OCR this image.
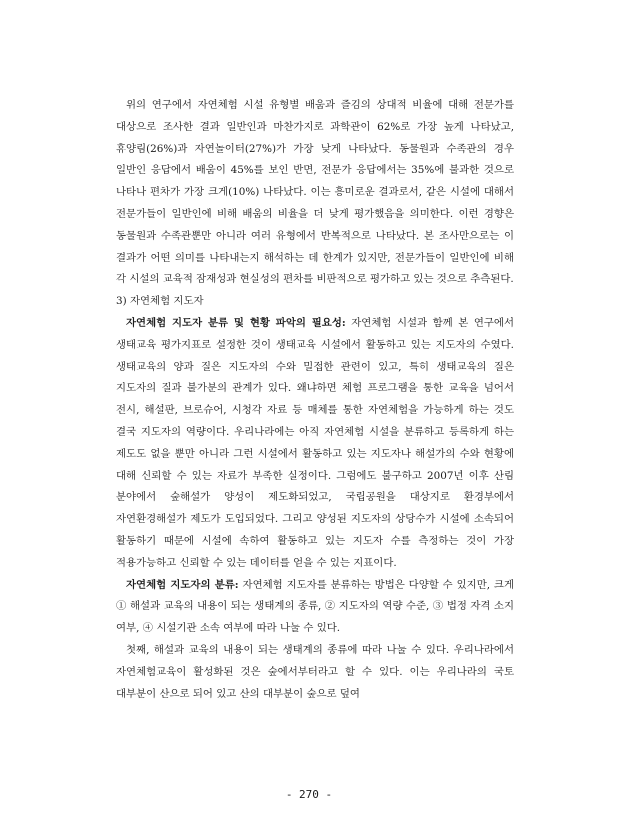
위의 연구에서 자연체험 시설 유형별 배움과 즐김의 상대적 비율에 대해 전문가를 대상으로 조사한 결과 일반인과 마찬가지로 과학관이 62%로 가장 높게 나타났고, 휴양림(26%)과 자연놀이터(27%)가 가장 낮게 나타났다. 동물원과 수족관의 경우 일반인 응답에서 배움이 45%를 보인 반면, 전문가 응답에서는 35%에 불과한 것으로 나타나 편차가 가장 크게(10%) 나타났다. 이는 흥미로운 결과로서, 같은 시설에 대해서 전문가들이 일반인에 비해 배움의 비율을 더 낮게 평가했음을 의미한다. 이런 경향은 동물원과 수족관뿐만 아니라 여러 유형에서 반복적으로 나타났다. 본 조사만으로는 이 결과가 어떤 의미를 나타내는지 해석하는 데 한계가 있지만, 전문가들이 일반인에 비해 각 시설의 교육적 잠재성과 현실성의 편차를 비판적으로 평가하고 있는 것으로 추측된다.

3) 자연체험 지도자

자연체험 지도자 분류 및 현황 파악의 필요성: 자연체험 시설과 함께 본 연구에서 생태교육 평가지표로 설정한 것이 생태교육 시설에서 활동하고 있는 지도자의 수였다. 생태교육의 양과 질은 지도자의 수와 밀접한 관련이 있고, 특히 생태교육의 질은 지도자의 질과 불가분의 관계가 있다. 왜냐하면 체험 프로그램을 통한 교육을 넘어서 전시, 해설판, 브로슈어, 시청각 자료 등 매체를 통한 자연체험을 가능하게 하는 것도 결국 지도자의 역량이다. 우리나라에는 아직 자연체험 시설을 분류하고 등록하게 하는 제도도 없을 뿐만 아니라 그런 시설에서 활동하고 있는 지도자나 해설가의 수와 현황에 대해 신뢰할 수 있는 자료가 부족한 실정이다. 그럼에도 불구하고 2007년 이후 산림 분야에서 숲해설가 양성이 제도화되었고, 국립공원을 대상지로 환경부에서 자연환경해설가 제도가 도입되었다. 그리고 양성된 지도자의 상당수가 시설에 소속되어 활동하기 때문에 시설에 속하여 활동하고 있는 지도자 수를 측정하는 것이 가장 적용가능하고 신뢰할 수 있는 데이터를 얻을 수 있는 지표이다.

자연체험 지도자의 분류: 자연체험 지도자를 분류하는 방법은 다양할 수 있지만, 크게 ① 해설과 교육의 내용이 되는 생태계의 종류, ② 지도자의 역량 수준, ③ 법정 자격 소지 여부, ④ 시설기관 소속 여부에 따라 나눌 수 있다.

첫째, 해설과 교육의 내용이 되는 생태계의 종류에 따라 나눌 수 있다. 우리나라에서 자연체험교육이 활성화된 것은 숲에서부터라고 할 수 있다. 이는 우리나라의 국토 대부분이 산으로 되어 있고 산의 대부분이 숲으로 덮여

- 270 -
